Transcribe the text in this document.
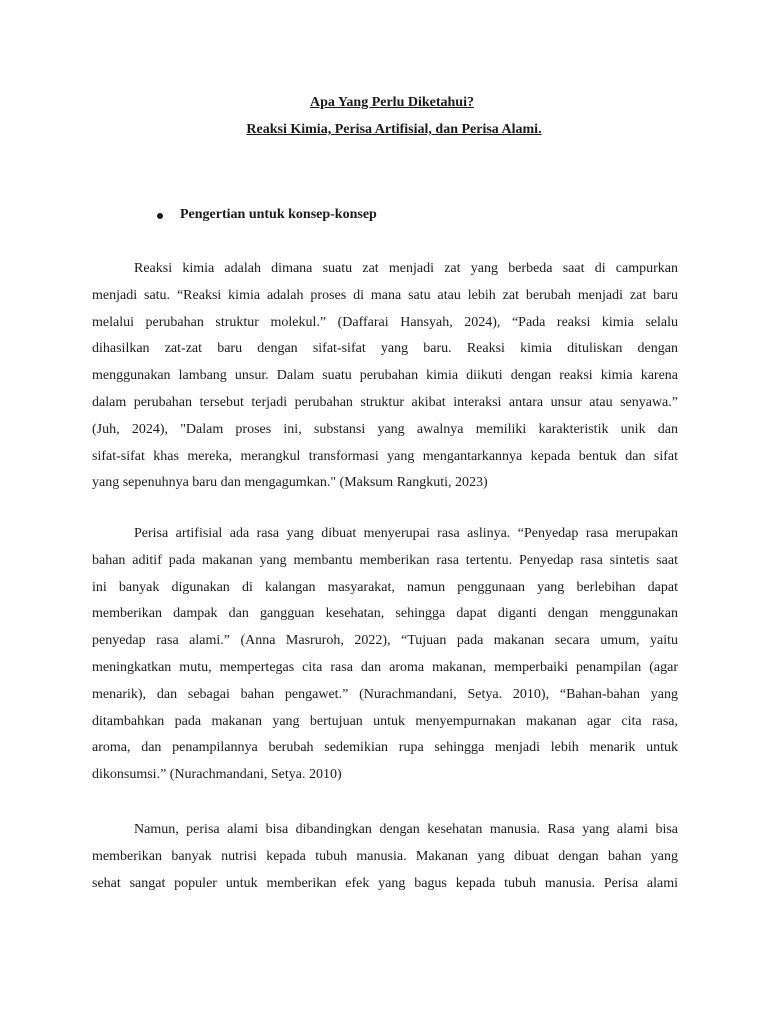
Apa Yang Perlu Diketahui?
Reaksi Kimia, Perisa Artifisial, dan Perisa Alami.
Pengertian untuk konsep-konsep
Reaksi kimia adalah dimana suatu zat menjadi zat yang berbeda saat di campurkan
menjadi satu. “Reaksi kimia adalah proses di mana satu atau lebih zat berubah menjadi zat baru
melalui perubahan struktur molekul.” (Daffarai Hansyah, 2024), “Pada reaksi kimia selalu
dihasilkan zat-zat baru dengan sifat-sifat yang baru. Reaksi kimia dituliskan dengan
menggunakan lambang unsur. Dalam suatu perubahan kimia diikuti dengan reaksi kimia karena
dalam perubahan tersebut terjadi perubahan struktur akibat interaksi antara unsur atau senyawa.”
(Juh, 2024), "Dalam proses ini, substansi yang awalnya memiliki karakteristik unik dan
sifat-sifat khas mereka, merangkul transformasi yang mengantarkannya kepada bentuk dan sifat
yang sepenuhnya baru dan mengagumkan." (Maksum Rangkuti, 2023)
Perisa artifisial ada rasa yang dibuat menyerupai rasa aslinya. “Penyedap rasa merupakan
bahan aditif pada makanan yang membantu memberikan rasa tertentu. Penyedap rasa sintetis saat
ini banyak digunakan di kalangan masyarakat, namun penggunaan yang berlebihan dapat
memberikan dampak dan gangguan kesehatan, sehingga dapat diganti dengan menggunakan
penyedap rasa alami.” (Anna Masruroh, 2022), “Tujuan pada makanan secara umum, yaitu
meningkatkan mutu, mempertegas cita rasa dan aroma makanan, memperbaiki penampilan (agar
menarik), dan sebagai bahan pengawet.” (Nurachmandani, Setya. 2010), “Bahan-bahan yang
ditambahkan pada makanan yang bertujuan untuk menyempurnakan makanan agar cita rasa,
aroma, dan penampilannya berubah sedemikian rupa sehingga menjadi lebih menarik untuk
dikonsumsi.” (Nurachmandani, Setya. 2010)
Namun, perisa alami bisa dibandingkan dengan kesehatan manusia. Rasa yang alami bisa
memberikan banyak nutrisi kepada tubuh manusia. Makanan yang dibuat dengan bahan yang
sehat sangat populer untuk memberikan efek yang bagus kepada tubuh manusia. Perisa alami
